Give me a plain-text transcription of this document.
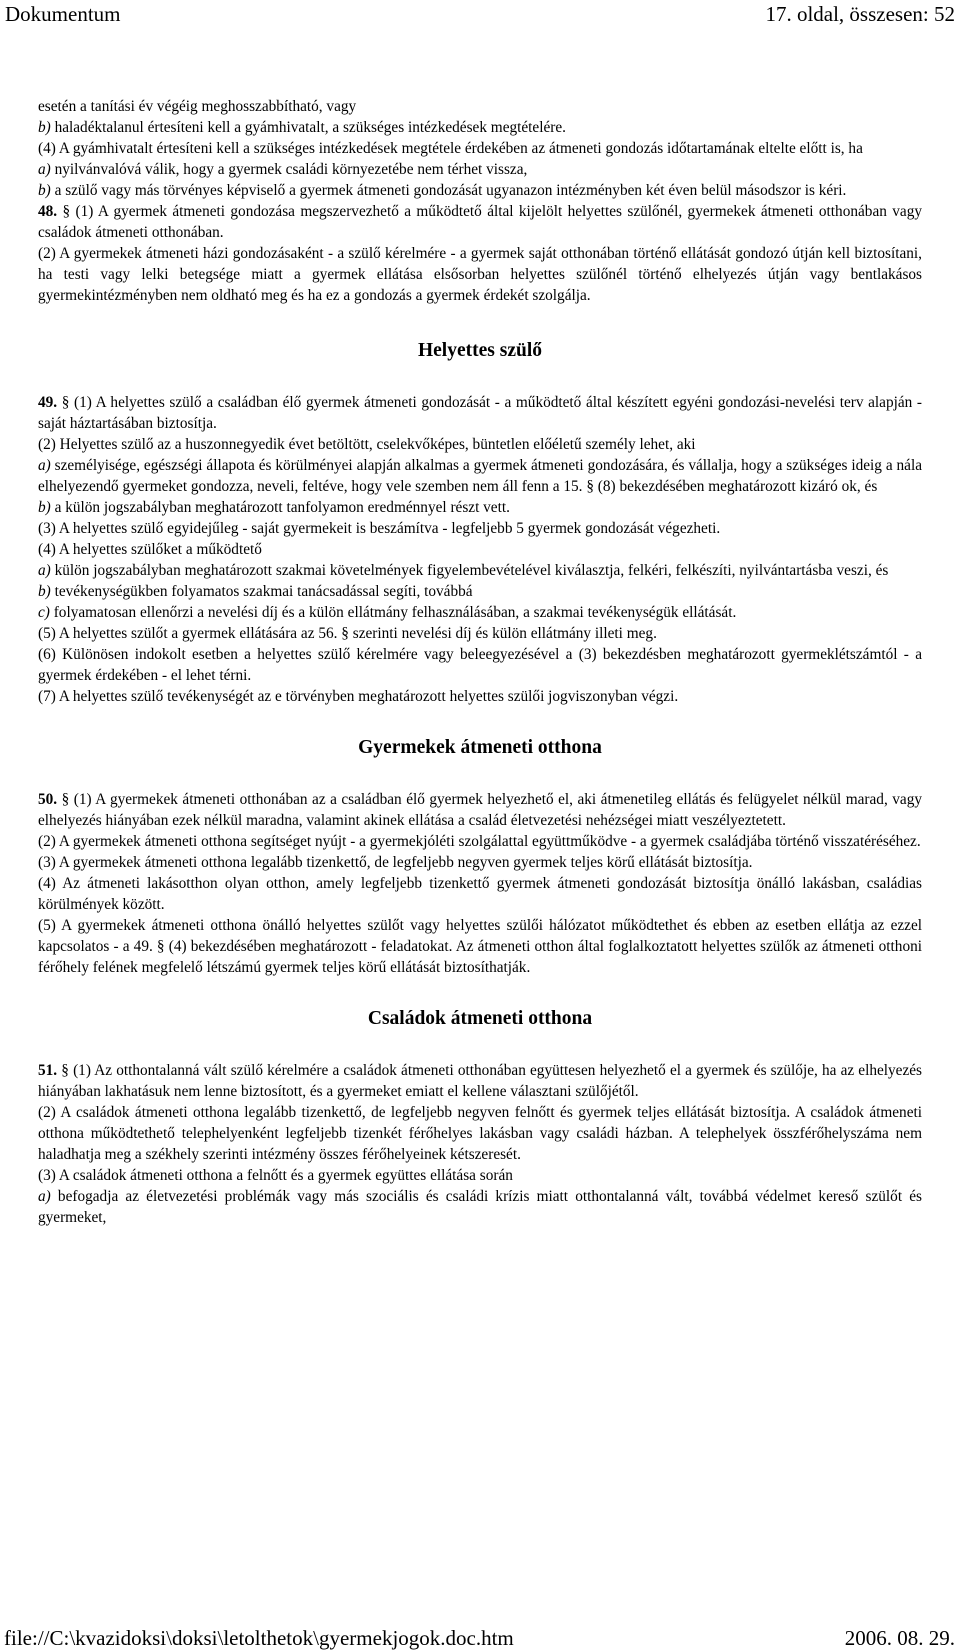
Dokumentum	17. oldal, összesen: 52

esetén a tanítási év végéig meghosszabbítható, vagy

b) haladéktalanul értesíteni kell a gyámhivatalt, a szükséges intézkedések megtételére.

(4) A gyámhivatalt értesíteni kell a szükséges intézkedések megtétele érdekében az átmeneti gondozás időtartamának eltelte előtt is, ha

a) nyilvánvalóvá válik, hogy a gyermek családi környezetébe nem térhet vissza,

b) a szülő vagy más törvényes képviselő a gyermek átmeneti gondozását ugyanazon intézményben két éven belül másodszor is kéri.

48. § (1) A gyermek átmeneti gondozása megszervezhető a működtető által kijelölt helyettes szülőnél, gyermekek átmeneti otthonában vagy családok átmeneti otthonában.

(2) A gyermekek átmeneti házi gondozásaként - a szülő kérelmére - a gyermek saját otthonában történő ellátását gondozó útján kell biztosítani, ha testi vagy lelki betegsége miatt a gyermek ellátása elsősorban helyettes szülőnél történő elhelyezés útján vagy bentlakásos gyermekintézményben nem oldható meg és ha ez a gondozás a gyermek érdekét szolgálja.

Helyettes szülő

49. § (1) A helyettes szülő a családban élő gyermek átmeneti gondozását - a működtető által készített egyéni gondozási-nevelési terv alapján - saját háztartásában biztosítja.

(2) Helyettes szülő az a huszonnegyedik évet betöltött, cselekvőképes, büntetlen előéletű személy lehet, aki

a) személyisége, egészségi állapota és körülményei alapján alkalmas a gyermek átmeneti gondozására, és vállalja, hogy a szükséges ideig a nála elhelyezendő gyermeket gondozza, neveli, feltéve, hogy vele szemben nem áll fenn a 15. § (8) bekezdésében meghatározott kizáró ok, és

b) a külön jogszabályban meghatározott tanfolyamon eredménnyel részt vett.

(3) A helyettes szülő egyidejűleg - saját gyermekeit is beszámítva - legfeljebb 5 gyermek gondozását végezheti.

(4) A helyettes szülőket a működtető

a) külön jogszabályban meghatározott szakmai követelmények figyelembevételével kiválasztja, felkéri, felkészíti, nyilvántartásba veszi, és

b) tevékenységükben folyamatos szakmai tanácsadással segíti, továbbá

c) folyamatosan ellenőrzi a nevelési díj és a külön ellátmány felhasználásában, a szakmai tevékenységük ellátását.

(5) A helyettes szülőt a gyermek ellátására az 56. § szerinti nevelési díj és külön ellátmány illeti meg.

(6) Különösen indokolt esetben a helyettes szülő kérelmére vagy beleegyezésével a (3) bekezdésben meghatározott gyermeklétszámtól - a gyermek érdekében - el lehet térni.

(7) A helyettes szülő tevékenységét az e törvényben meghatározott helyettes szülői jogviszonyban végzi.

Gyermekek átmeneti otthona

50. § (1) A gyermekek átmeneti otthonában az a családban élő gyermek helyezhető el, aki átmenetileg ellátás és felügyelet nélkül marad, vagy elhelyezés hiányában ezek nélkül maradna, valamint akinek ellátása a család életvezetési nehézségei miatt veszélyeztetett.

(2) A gyermekek átmeneti otthona segítséget nyújt - a gyermekjóléti szolgálattal együttműködve - a gyermek családjába történő visszatéréséhez.

(3) A gyermekek átmeneti otthona legalább tizenkettő, de legfeljebb negyven gyermek teljes körű ellátását biztosítja.

(4) Az átmeneti lakásotthon olyan otthon, amely legfeljebb tizenkettő gyermek átmeneti gondozását biztosítja önálló lakásban, családias körülmények között.

(5) A gyermekek átmeneti otthona önálló helyettes szülőt vagy helyettes szülői hálózatot működtethet és ebben az esetben ellátja az ezzel kapcsolatos - a 49. § (4) bekezdésében meghatározott - feladatokat. Az átmeneti otthon által foglalkoztatott helyettes szülők az átmeneti otthoni férőhely felének megfelelő létszámú gyermek teljes körű ellátását biztosíthatják.

Családok átmeneti otthona

51. § (1) Az otthontalanná vált szülő kérelmére a családok átmeneti otthonában együttesen helyezhető el a gyermek és szülője, ha az elhelyezés hiányában lakhatásuk nem lenne biztosított, és a gyermeket emiatt el kellene választani szülőjétől.

(2) A családok átmeneti otthona legalább tizenkettő, de legfeljebb negyven felnőtt és gyermek teljes ellátását biztosítja. A családok átmeneti otthona működtethető telephelyenként legfeljebb tizenkét férőhelyes lakásban vagy családi házban. A telephelyek összférőhelyszáma nem haladhatja meg a székhely szerinti intézmény összes férőhelyeinek kétszeresét.

(3) A családok átmeneti otthona a felnőtt és a gyermek együttes ellátása során

a) befogadja az életvezetési problémák vagy más szociális és családi krízis miatt otthontalanná vált, továbbá védelmet kereső szülőt és gyermeket,

file://C:\kvazidoksi\doksi\letolthetok\gyermekjogok.doc.htm	2006. 08. 29.
